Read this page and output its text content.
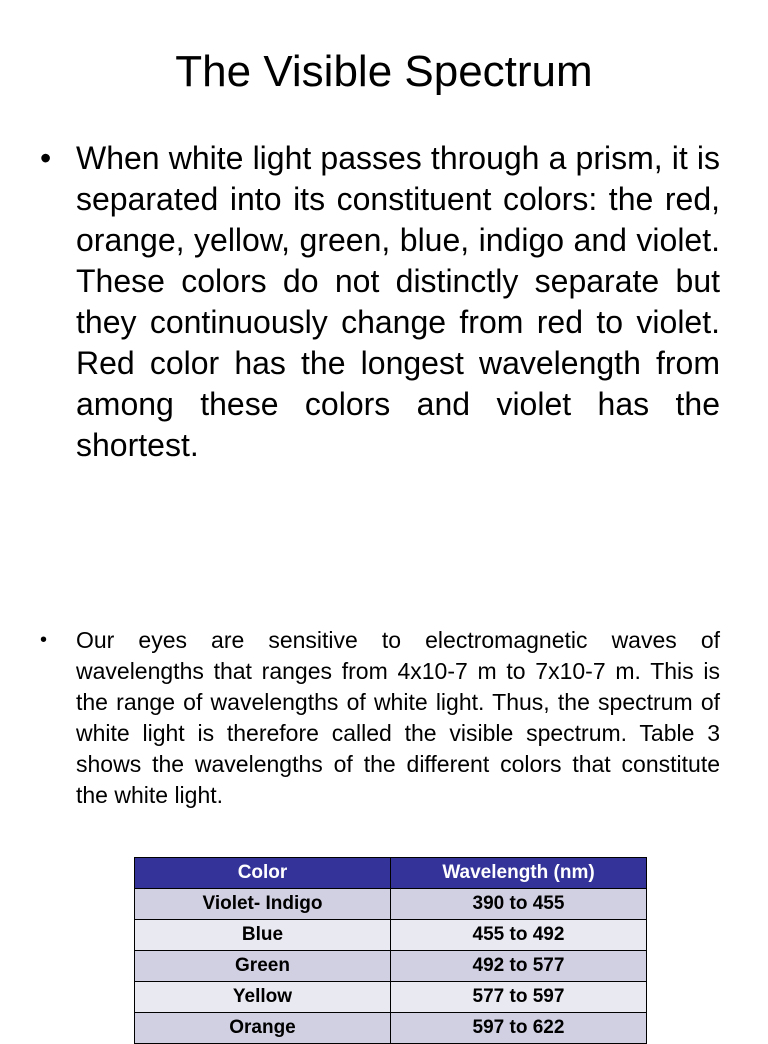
The Visible Spectrum
• When white light passes through a prism, it is separated into its constituent colors: the red, orange, yellow, green, blue, indigo and violet. These colors do not distinctly separate but they continuously change from red to violet. Red color has the longest wavelength from among these colors and violet has the shortest.
• Our eyes are sensitive to electromagnetic waves of wavelengths that ranges from 4x10-7 m to 7x10-7 m. This is the range of wavelengths of white light. Thus, the spectrum of white light is therefore called the visible spectrum. Table 3 shows the wavelengths of the different colors that constitute the white light.
Color	Wavelength (nm)
Violet- Indigo	390 to 455
Blue	455 to 492
Green	492 to 577
Yellow	577 to 597
Orange	597 to 622
